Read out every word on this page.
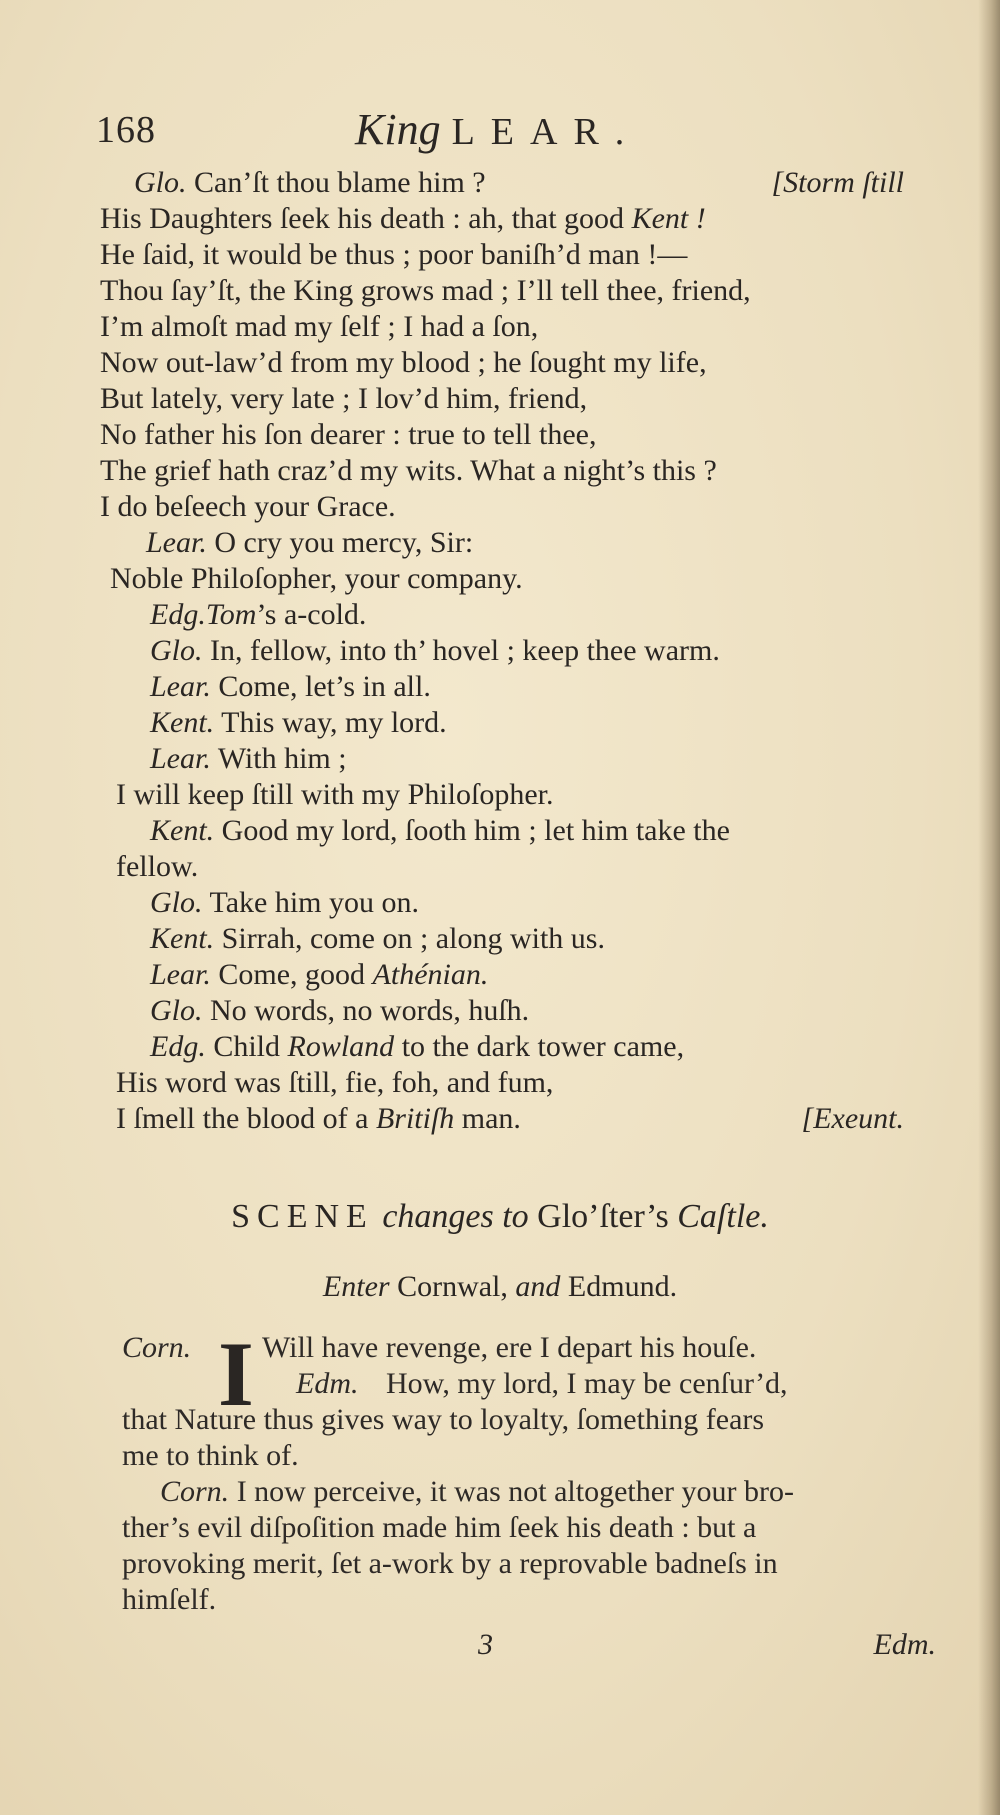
168	King LEAR.
Glo. Can’ſt thou blame him ?	[Storm ſtill
His Daughters ſeek his death : ah, that good Kent !
He ſaid, it would be thus ; poor baniſh’d man !—
Thou ſay’ſt, the King grows mad ; I’ll tell thee, friend,
I’m almoſt mad my ſelf ; I had a ſon,
Now out-law’d from my blood ; he ſought my life,
But lately, very late ; I lov’d him, friend,
No father his ſon dearer : true to tell thee,
The grief hath craz’d my wits. What a night’s this ?
I do beſeech your Grace.
Lear. O cry you mercy, Sir:
Noble Philoſopher, your company.
Edg.Tom’s a-cold.
Glo. In, fellow, into th’ hovel ; keep thee warm.
Lear. Come, let’s in all.
Kent. This way, my lord.
Lear. With him ;
I will keep ſtill with my Philoſopher.
Kent. Good my lord, ſooth him ; let him take the
fellow.
Glo. Take him you on.
Kent. Sirrah, come on ; along with us.
Lear. Come, good Athénian.
Glo. No words, no words, huſh.
Edg. Child Rowland to the dark tower came,
His word was ſtill, fie, foh, and fum,
I ſmell the blood of a Britiſh man.	[Exeunt.
SCENE changes to Glo’ſter’s Caſtle.
Enter Cornwal, and Edmund.
I
Corn. Will have revenge, ere I depart his houſe.
Edm. How, my lord, I may be cenſur’d,
that Nature thus gives way to loyalty, ſomething fears
me to think of.
Corn. I now perceive, it was not altogether your bro-
ther’s evil diſpoſition made him ſeek his death : but a
provoking merit, ſet a-work by a reprovable badneſs in
himſelf.
3	Edm.
